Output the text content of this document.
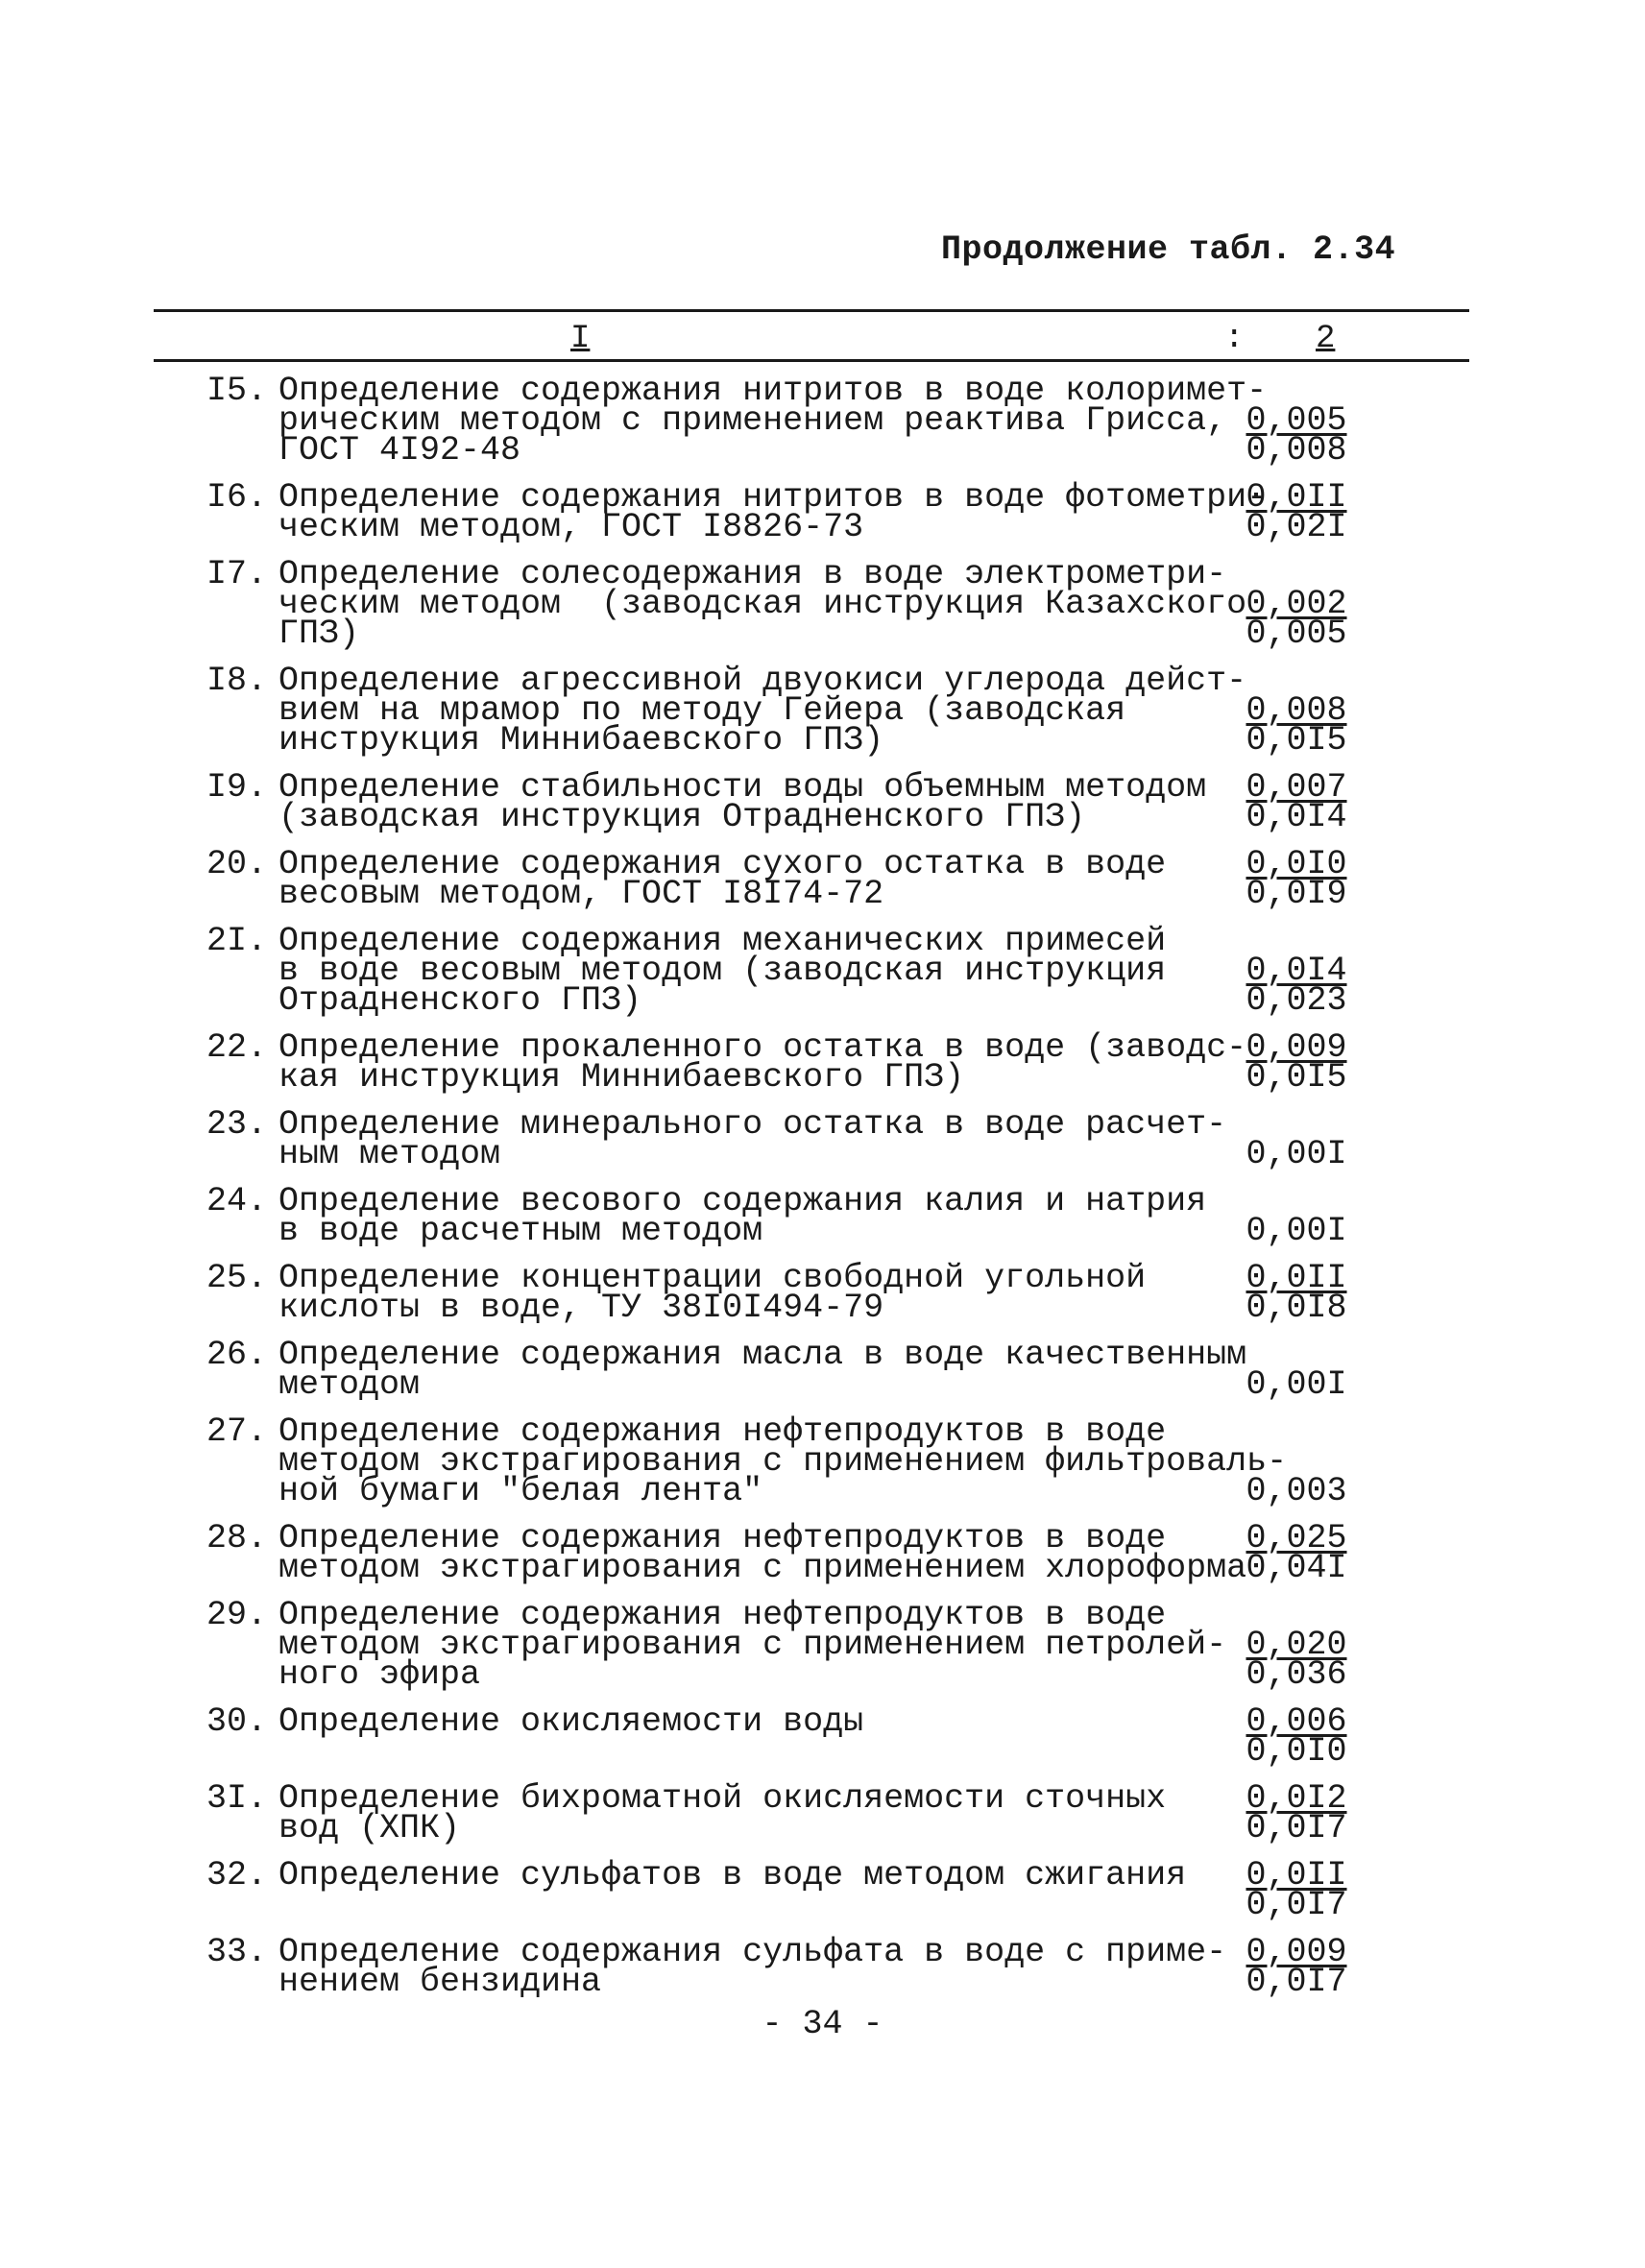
Продолжение табл. 2.34
I	: 2
I5. Определение содержания нитритов в воде колоримет-
рическим методом с применением реактива Грисса,
ГОСТ 4I92-48	$\frac{0,005}{0,008}$
I6. Определение содержания нитритов в воде фотометри-
ческим методом, ГОСТ I8826-73	$\frac{0,0II}{0,02I}$
I7. Определение солесодержания в воде электрометри-
ческим методом  (заводская инструкция Казахского
ГПЗ)	$\frac{0,002}{0,005}$
I8. Определение агрессивной двуокиси углерода дейст-
вием на мрамор по методу Гейера (заводская
инструкция Миннибаевского ГПЗ)	$\frac{0,008}{0,0I5}$
I9. Определение стабильности воды объемным методом
(заводская инструкция Отрадненского ГПЗ)	$\frac{0,007}{0,0I4}$
20. Определение содержания сухого остатка в воде
весовым методом, ГОСТ I8I74-72	$\frac{0,0I0}{0,0I9}$
2I. Определение содержания механических примесей
в воде весовым методом (заводская инструкция
Отрадненского ГПЗ)	$\frac{0,0I4}{0,023}$
22. Определение прокаленного остатка в воде (заводс-
кая инструкция Миннибаевского ГПЗ)	$\frac{0,009}{0,0I5}$
23. Определение минерального остатка в воде расчет-
ным методом	0,00I
24. Определение весового содержания калия и натрия
в воде расчетным методом	0,00I
25. Определение концентрации свободной угольной
кислоты в воде, ТУ 38I0I494-79	$\frac{0,0II}{0,0I8}$
26. Определение содержания масла в воде качественным
методом	0,00I
27. Определение содержания нефтепродуктов в воде
методом экстрагирования с применением фильтроваль-
ной бумаги "белая лента"	0,003
28. Определение содержания нефтепродуктов в воде
методом экстрагирования с применением хлороформа
$\frac{0,025}{0,04I}$
29. Определение содержания нефтепродуктов в воде
методом экстрагирования с применением петролей-
ного эфира	$\frac{0,020}{0,036}$
30. Определение окисляемости воды
	$\frac{0,006}{0,0I0}$
3I. Определение бихроматной окисляемости сточных
вод (ХПК)	$\frac{0,0I2}{0,0I7}$
32. Определение сульфатов в воде методом сжигания
	$\frac{0,0II}{0,0I7}$
33. Определение содержания сульфата в воде с приме-
нением бензидина	$\frac{0,009}{0,0I7}$
- 34 -
